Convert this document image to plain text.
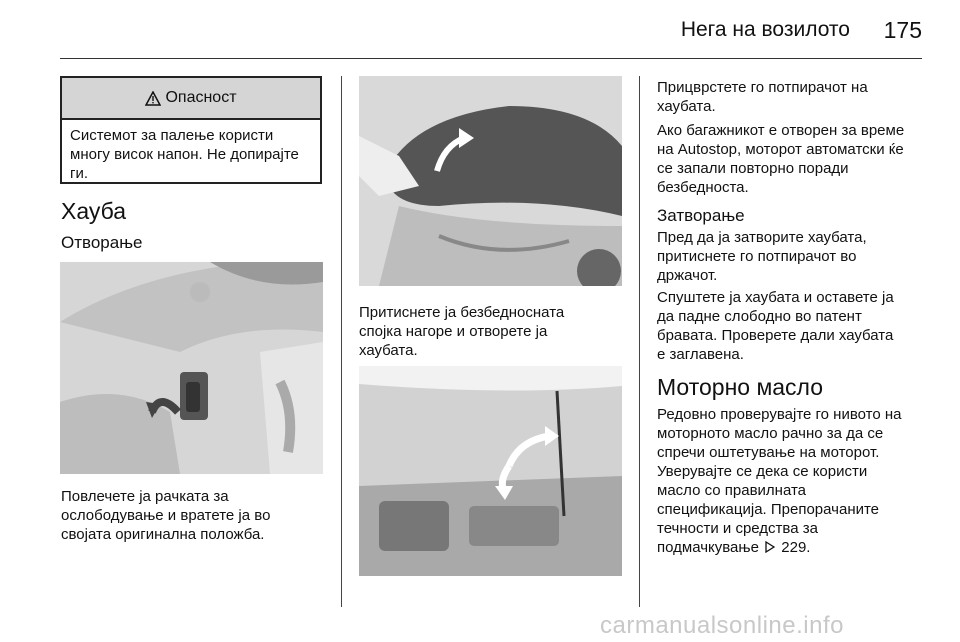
Нега на возилото	175
Опасност
Системот за палење користи многу висок напон. Не допирајте ги.
Хауба
Отворање
Повлечете ја рачката за
ослободување и вратете ја во
својата оригинална положба.
Притиснете ја безбедносната
спојка нагоре и отворете ја
хаубата.
Прицврстете го потпирачот на
хаубата.
Ако багажникот е отворен за време
на Autostop, моторот автоматски ќе
се запали повторно поради
безбедноста.
Затворање
Пред да ја затворите хаубата,
притиснете го потпирачот во
држачот.
Спуштете ја хаубата и оставете ја
да падне слободно во патент
бравата. Проверете дали хаубата
е заглавена.
Моторно масло
Редовно проверувајте го нивото на
моторното масло рачно за да се
спречи оштетување на моторот.
Уверувајте се дека се користи
масло со правилната
спецификација. Препорачаните
течности и средства за
подмачкување 229.
carmanualsonline.info
